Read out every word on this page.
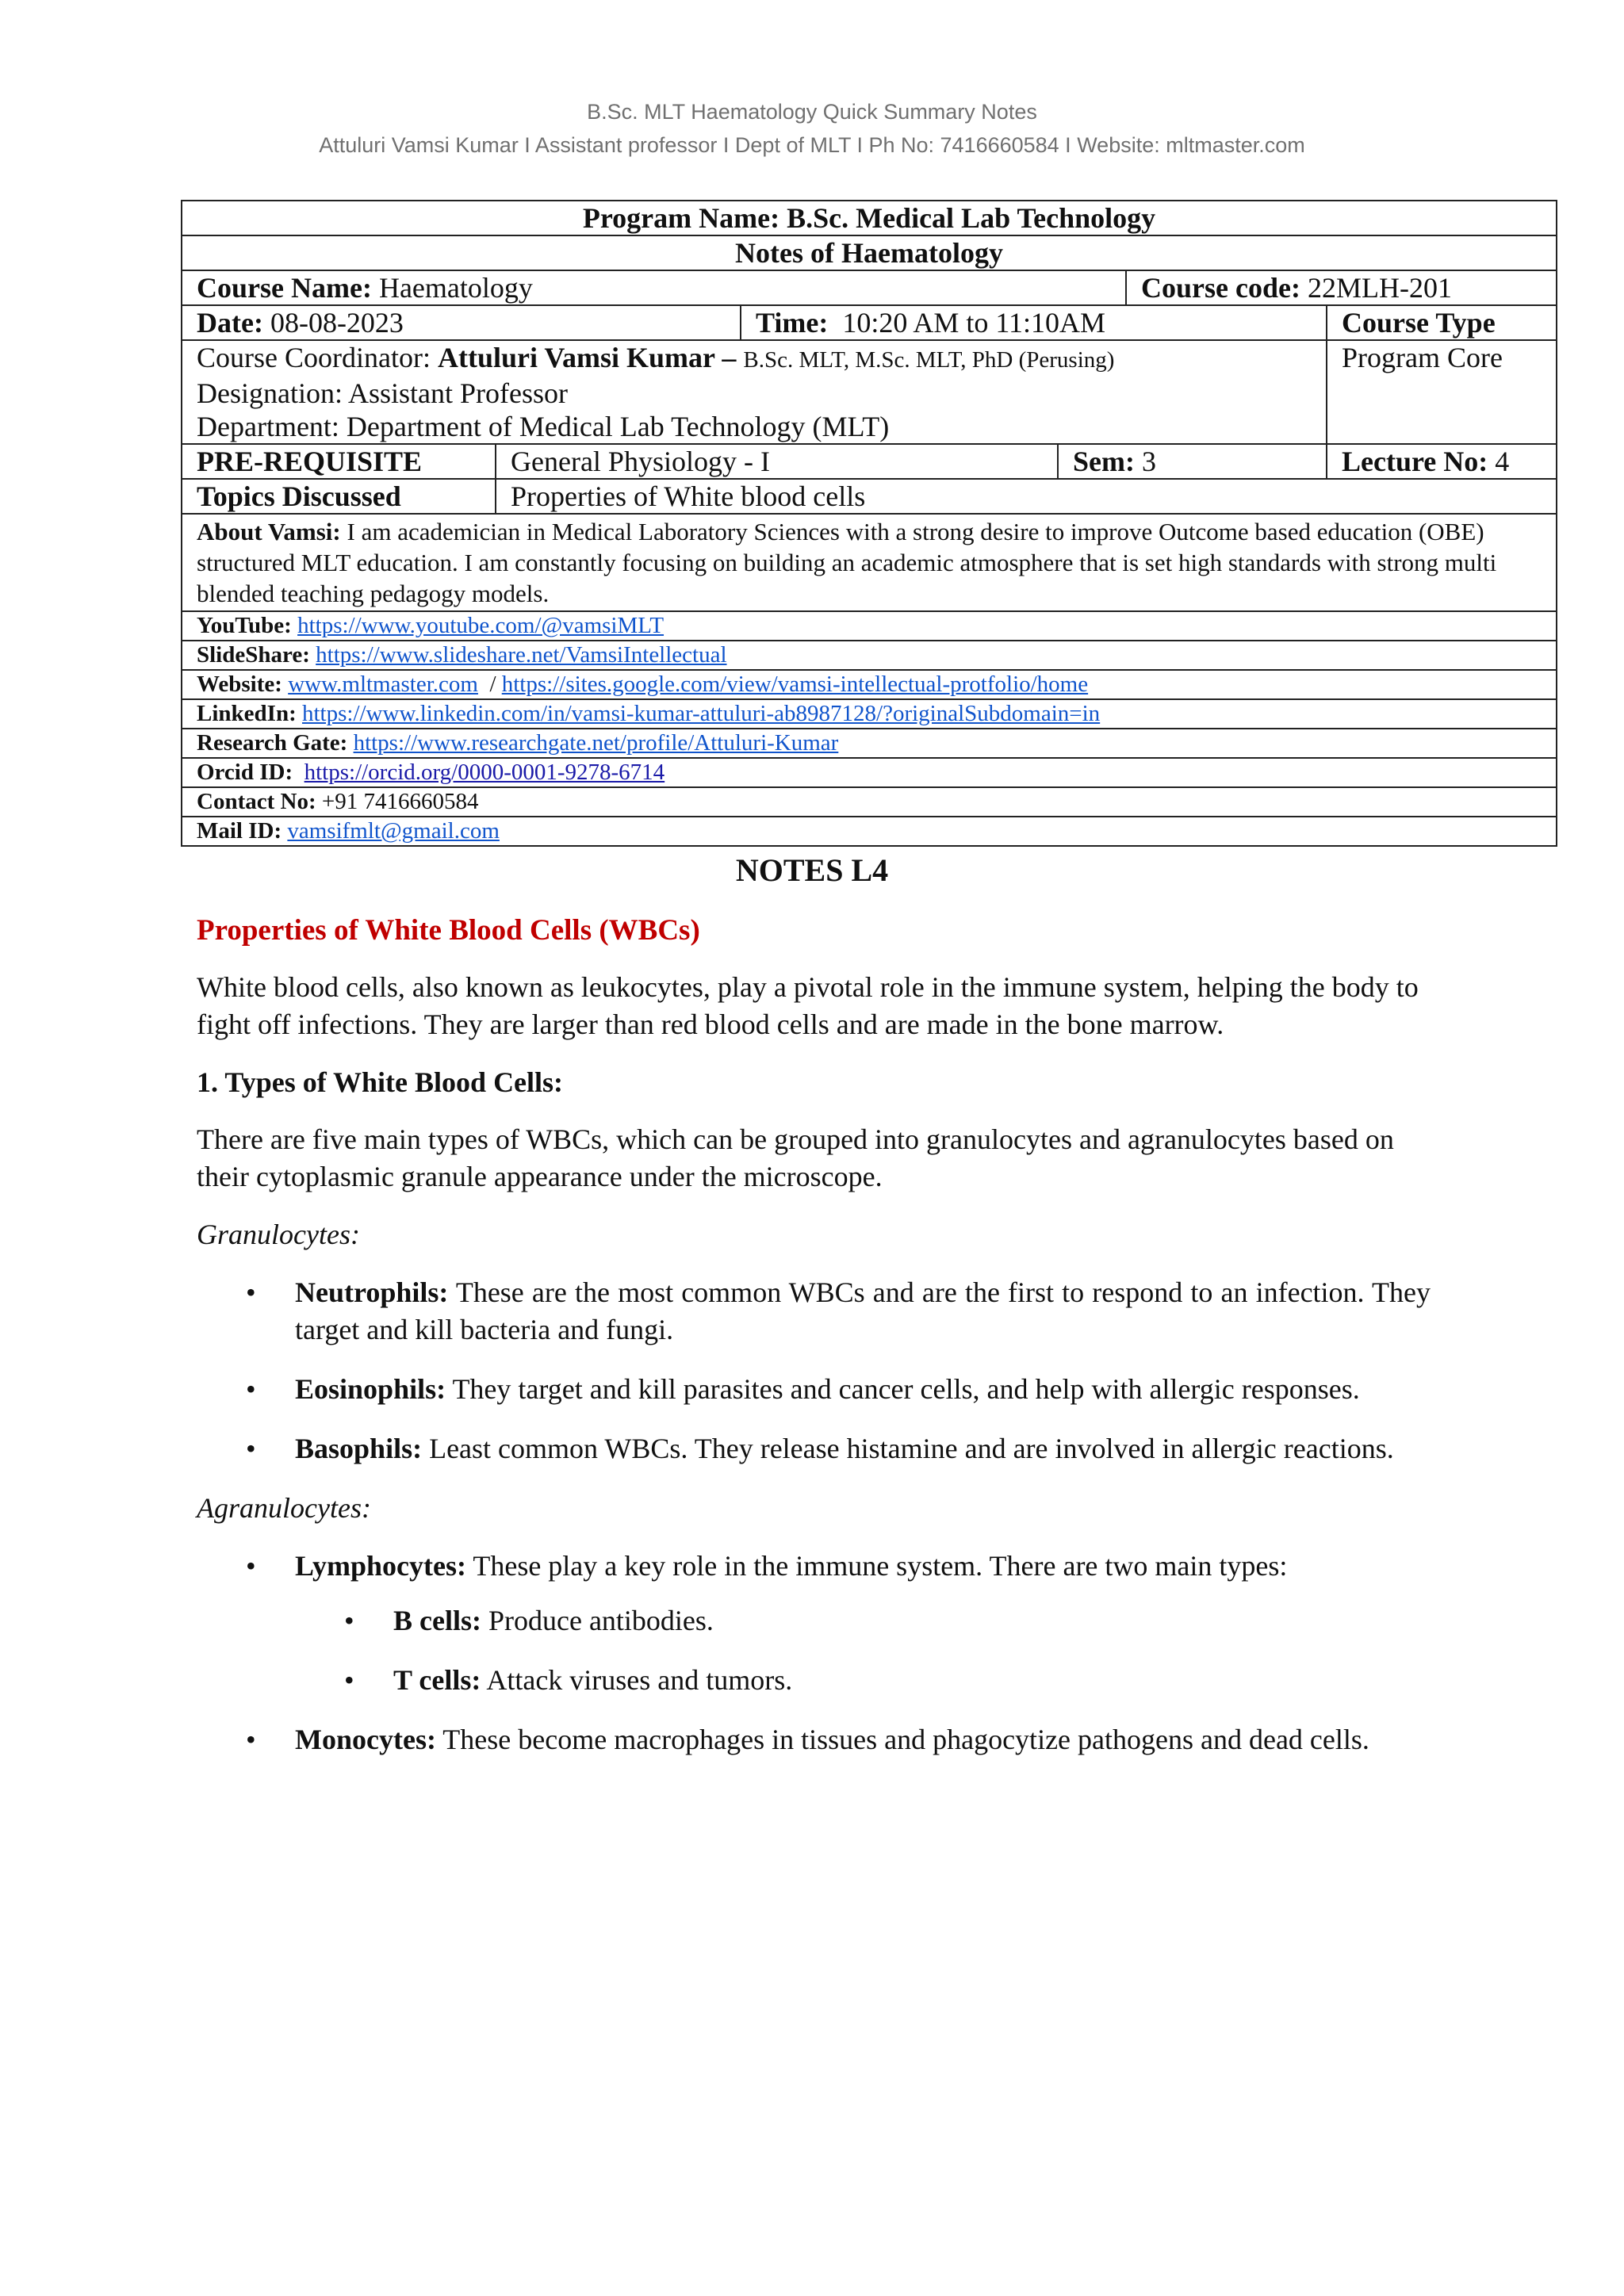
B.Sc. MLT Haematology Quick Summary Notes
Attuluri Vamsi Kumar I Assistant professor I Dept of MLT I Ph No: 7416660584 I Website: mltmaster.com
Program Name: B.Sc. Medical Lab Technology					
Notes of Haematology					
Course Name: Haematology				Course code: 22MLH-201	
Date: 08-08-2023		Time: 10:20 AM to 11:10AM			Course Type

Course Coordinator: Attuluri Vamsi Kumar – B.Sc. MLT, M.Sc. MLT, PhD (Perusing)
Designation: Assistant Professor
Department: Department of Medical Lab Technology (MLT)					Program Core
PRE-REQUISITE	General Physiology - I		Sem: 3		Lecture No: 4
Topics Discussed	Properties of White blood cells				
About Vamsi: I am academician in Medical Laboratory Sciences with a strong desire to improve Outcome based education (OBE) structured MLT education. I am constantly focusing on building an academic atmosphere that is set high standards with strong multi blended teaching pedagogy models.					
YouTube: https://www.youtube.com/@vamsiMLT					
SlideShare: https://www.slideshare.net/VamsiIntellectual					
Website: www.mltmaster.com  / https://sites.google.com/view/vamsi-intellectual-protfolio/home					
LinkedIn: https://www.linkedin.com/in/vamsi-kumar-attuluri-ab8987128/?originalSubdomain=in					
Research Gate: https://www.researchgate.net/profile/Attuluri-Kumar					
Orcid ID: https://orcid.org/0000-0001-9278-6714					
Contact No: +91 7416660584					
Mail ID: vamsifmlt@gmail.com					
NOTES L4
Properties of White Blood Cells (WBCs)

White blood cells, also known as leukocytes, play a pivotal role in the immune system, helping the body to fight off infections. They are larger than red blood cells and are made in the bone marrow.

1. Types of White Blood Cells:

There are five main types of WBCs, which can be grouped into granulocytes and agranulocytes based on their cytoplasmic granule appearance under the microscope.

Granulocytes:
• Neutrophils: These are the most common WBCs and are the first to respond to an infection. They target and kill bacteria and fungi.
• Eosinophils: They target and kill parasites and cancer cells, and help with allergic responses.
• Basophils: Least common WBCs. They release histamine and are involved in allergic reactions.
Agranulocytes:
• Lymphocytes: These play a key role in the immune system. There are two main types:
• B cells: Produce antibodies.
• T cells: Attack viruses and tumors.
• Monocytes: These become macrophages in tissues and phagocytize pathogens and dead cells.
